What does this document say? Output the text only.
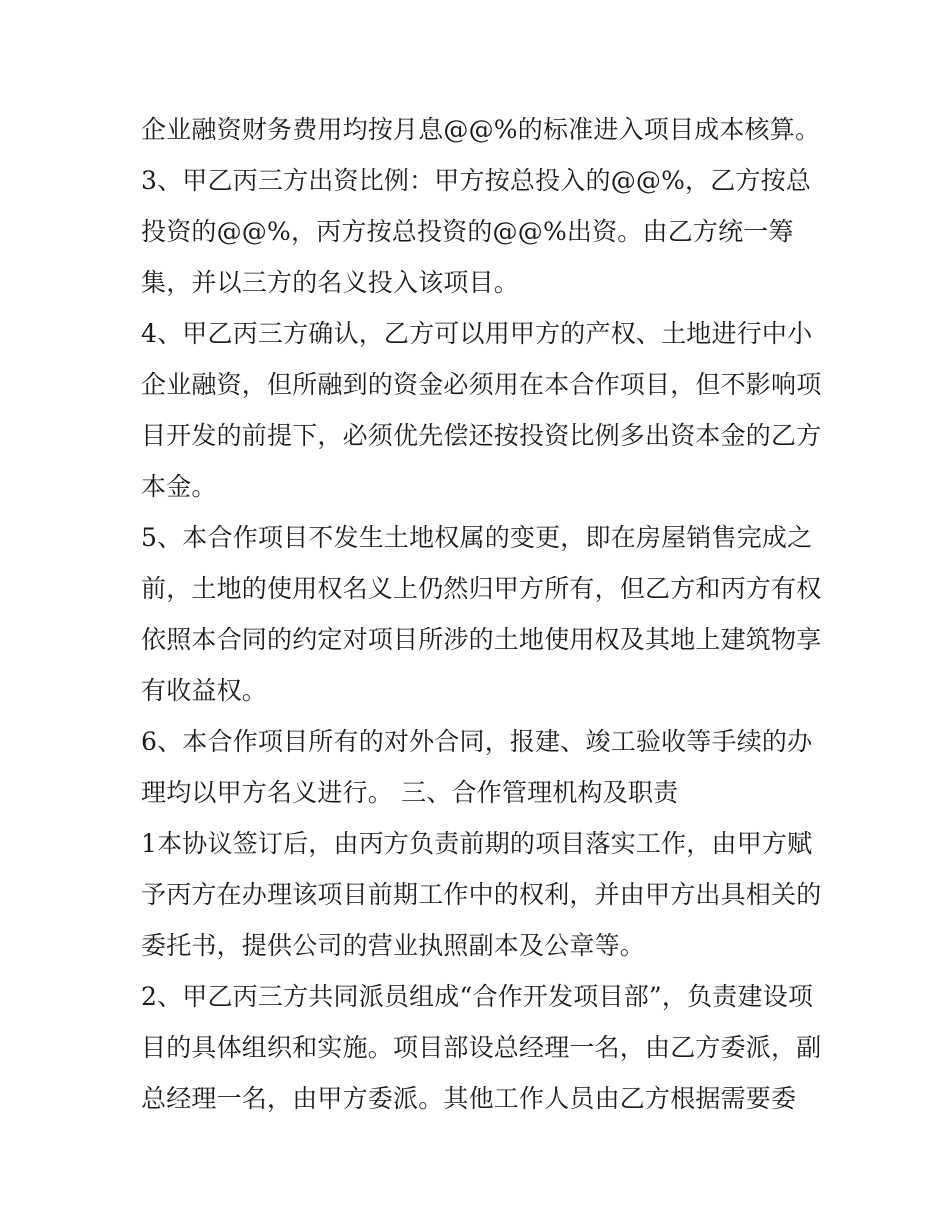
企业融资财务费用均按月息@@%的标准进入项目成本核算。
3、甲乙丙三方出资比例：甲方按总投入的@@%，乙方按总
投资的@@%，丙方按总投资的@@%出资。由乙方统一筹
集，并以三方的名义投入该项目。
4、甲乙丙三方确认，乙方可以用甲方的产权、土地进行中小
企业融资，但所融到的资金必须用在本合作项目，但不影响项
目开发的前提下，必须优先偿还按投资比例多出资本金的乙方
本金。
5、本合作项目不发生土地权属的变更，即在房屋销售完成之
前，土地的使用权名义上仍然归甲方所有，但乙方和丙方有权
依照本合同的约定对项目所涉的土地使用权及其地上建筑物享
有收益权。
6、本合作项目所有的对外合同，报建、竣工验收等手续的办
理均以甲方名义进行。 三、合作管理机构及职责
1本协议签订后，由丙方负责前期的项目落实工作，由甲方赋
予丙方在办理该项目前期工作中的权利，并由甲方出具相关的
委托书，提供公司的营业执照副本及公章等。
2、甲乙丙三方共同派员组成“合作开发项目部”，负责建设项
目的具体组织和实施。项目部设总经理一名，由乙方委派，副
总经理一名，由甲方委派。其他工作人员由乙方根据需要委
